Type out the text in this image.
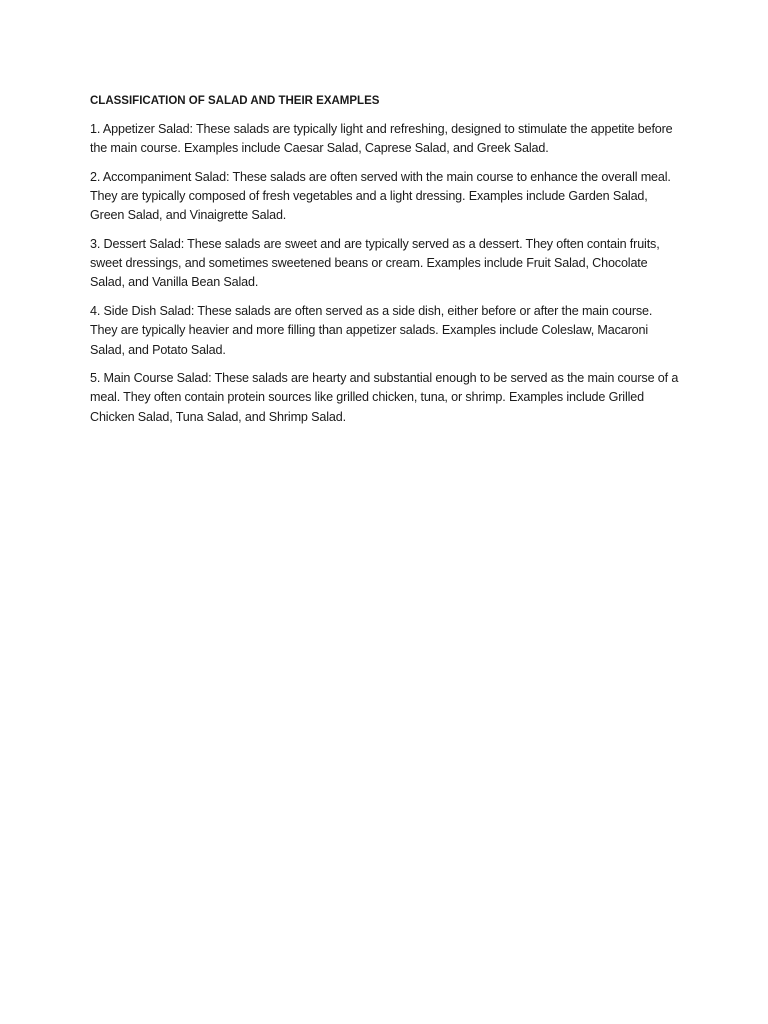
CLASSIFICATION OF SALAD AND THEIR EXAMPLES

1. Appetizer Salad: These salads are typically light and refreshing, designed to stimulate the appetite before the main course. Examples include Caesar Salad, Caprese Salad, and Greek Salad.

2. Accompaniment Salad: These salads are often served with the main course to enhance the overall meal. They are typically composed of fresh vegetables and a light dressing. Examples include Garden Salad, Green Salad, and Vinaigrette Salad.

3. Dessert Salad: These salads are sweet and are typically served as a dessert. They often contain fruits, sweet dressings, and sometimes sweetened beans or cream. Examples include Fruit Salad, Chocolate Salad, and Vanilla Bean Salad.

4. Side Dish Salad: These salads are often served as a side dish, either before or after the main course. They are typically heavier and more filling than appetizer salads. Examples include Coleslaw, Macaroni Salad, and Potato Salad.

5. Main Course Salad: These salads are hearty and substantial enough to be served as the main course of a meal. They often contain protein sources like grilled chicken, tuna, or shrimp. Examples include Grilled Chicken Salad, Tuna Salad, and Shrimp Salad.
